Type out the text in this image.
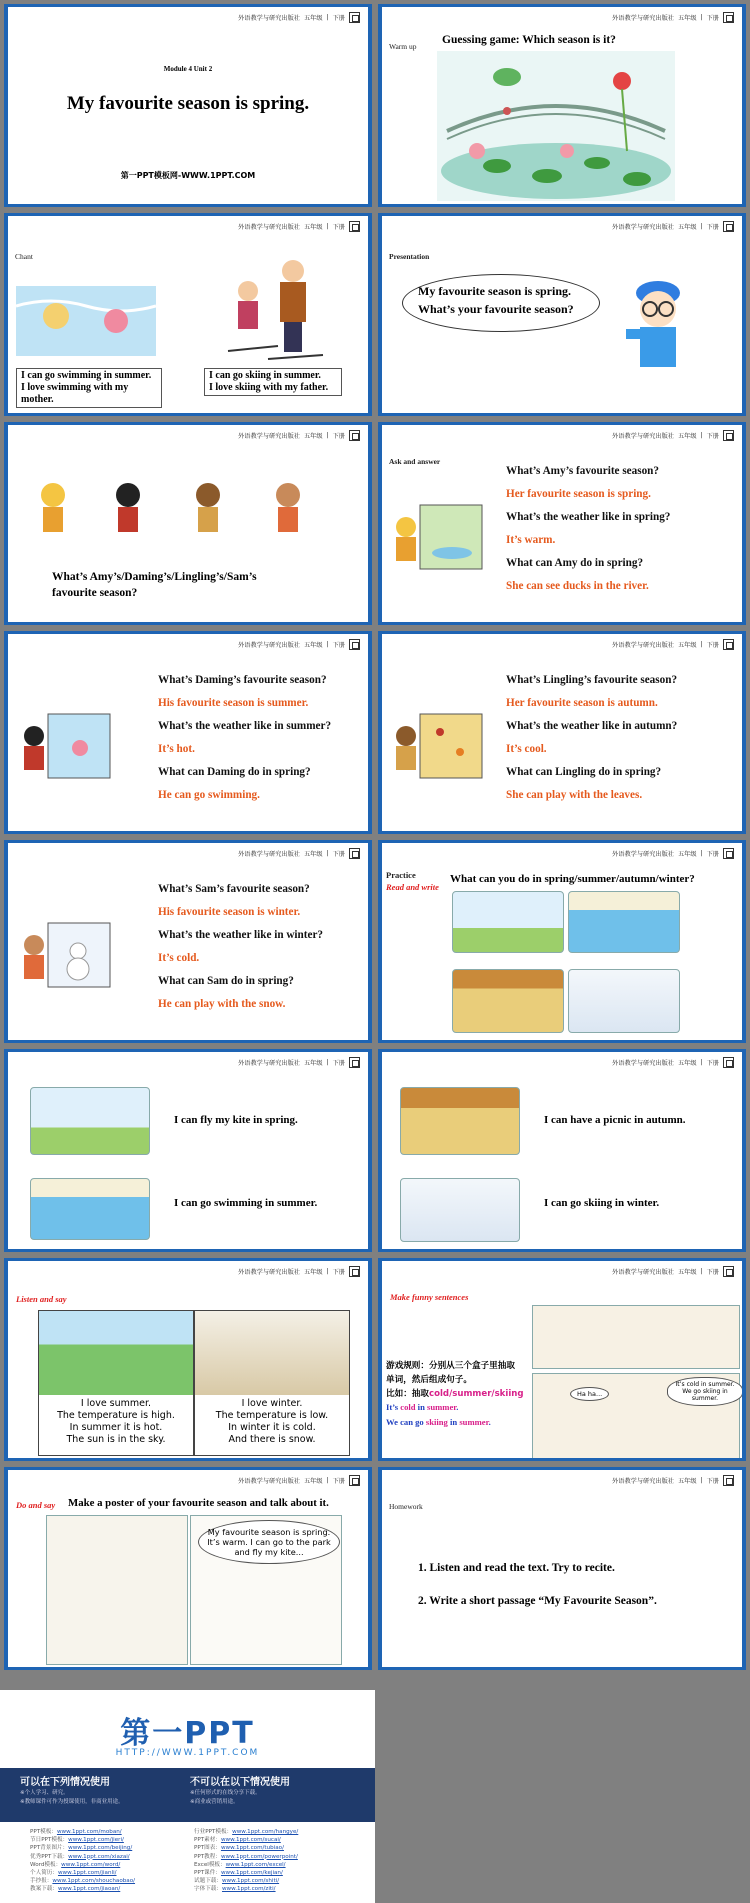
外语教学与研究出版社 五年级 | 下册
Module 4 Unit 2
My favourite season is spring.
第一PPT模板网-WWW.1PPT.COM
外语教学与研究出版社 五年级 | 下册
Warm up
Guessing game: Which season is it?
外语教学与研究出版社 五年级 | 下册
Chant
I can go swimming in summer.
I love swimming with my mother.
I can go skiing in summer.
I love skiing with my father.
外语教学与研究出版社 五年级 | 下册
Presentation
My favourite season is spring.
What’s your favourite season?
外语教学与研究出版社 五年级 | 下册
What’s Amy’s/Daming’s/Lingling’s/Sam’s
favourite season?
外语教学与研究出版社 五年级 | 下册
Ask and answer
What’s Amy’s favourite season?
Her favourite season is spring.
What’s the weather like in spring?
It’s warm.
What can Amy do in spring?
She can see ducks in the river.
外语教学与研究出版社 五年级 | 下册
What’s Daming’s favourite season?
His favourite season is summer.
What’s the weather like in summer?
It’s hot.
What can Daming do in spring?
He can go swimming.
外语教学与研究出版社 五年级 | 下册
What’s Lingling’s favourite season?
Her favourite season is autumn.
What’s the weather like in autumn?
It’s cool.
What can Lingling do in spring?
She can play with the leaves.
外语教学与研究出版社 五年级 | 下册
What’s Sam’s favourite season?
His favourite season is winter.
What’s the weather like in winter?
It’s cold.
What can Sam do in spring?
He can play with the snow.
外语教学与研究出版社 五年级 | 下册
Practice
Read and write
What can you do in spring/summer/autumn/winter?
外语教学与研究出版社 五年级 | 下册
I can fly my kite in spring.
I can go swimming in summer.
外语教学与研究出版社 五年级 | 下册
I can have a picnic in autumn.
I can go skiing in winter.
外语教学与研究出版社 五年级 | 下册
Listen and say
I love summer.
The temperature is high.
In summer it is hot.
The sun is in the sky.
I love winter.
The temperature is low.
In winter it is cold.
And there is snow.
外语教学与研究出版社 五年级 | 下册
Make funny sentences
游戏规则：分别从三个盒子里抽取
单词，然后组成句子。
比如：抽取cold/summer/skiing
It’s cold in summer.
We can go skiing in summer.
Ha ha...
It’s cold in summer. We go skiing in summer.
外语教学与研究出版社 五年级 | 下册
Do and say Make a poster of your favourite season and talk about it.
My favourite season is spring. It’s warm. I can go to the park and fly my kite...
外语教学与研究出版社 五年级 | 下册
Homework
1. Listen and read the text. Try to recite.
2. Write a short passage “My Favourite Season”.
第一PPT
HTTP://WWW.1PPT.COM
可以在下列情况使用
※个人学习、研究。
※教师课件可作为授课使用，非商业用途。
不可以在以下情况使用
※任何形式的在线分享下载。
※商业或营销用途。
PPT模板：www.1ppt.com/moban/
节日PPT模板：www.1ppt.com/jieri/
PPT背景图片：www.1ppt.com/beijing/
优秀PPT下载：www.1ppt.com/xiazai/
Word模板：www.1ppt.com/word/
个人简历：www.1ppt.com/jianli/
手抄报：www.1ppt.com/shouchaobao/
教案下载：www.1ppt.com/jiaoan/
行业PPT模板：www.1ppt.com/hangye/
PPT素材：www.1ppt.com/sucai/
PPT图表：www.1ppt.com/tubiao/
PPT教程：www.1ppt.com/powerpoint/
Excel模板：www.1ppt.com/excel/
PPT课件：www.1ppt.com/kejian/
试题下载：www.1ppt.com/shiti/
字体下载：www.1ppt.com/ziti/
